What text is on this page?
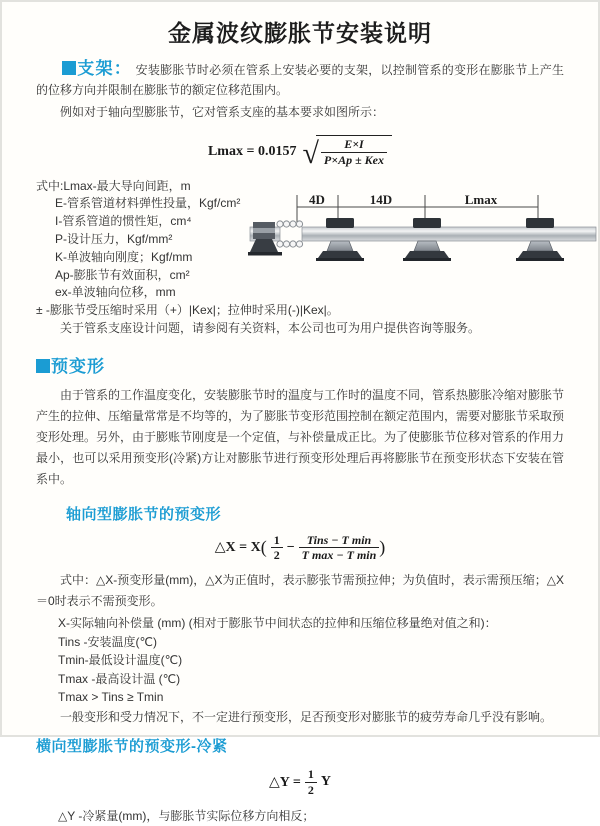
金属波纹膨胀节安装说明

支架： 安装膨胀节时必须在管系上安装必要的支架，以控制管系的变形在膨胀节上产生的位移方向并限制在膨胀节的额定位移范围内。

例如对于轴向型膨胀节，它对管系支座的基本要求如图所示：

Lmax = 0.0157 √ $\frac{E\times I}{\text{P×Ap ± Kex}}$
式中:Lmax-最大导向间距，m
E-管系管道材料弹性投量，Kgf/cm²
I-管系管道的惯性矩，cm⁴
P-设计压力，Kgf/mm²
K-单波轴向刚度；Kgf/mm
Ap-膨胀节有效面积，cm²
ex-单波轴向位移，mm
± -膨胀节受压缩时采用（+）|Kex|；拉伸时采用(-)|Kex|。
关于管系支座设计问题，请参阅有关资料，本公司也可为用户提供咨询等服务。
4D	14D	Lmax
预变形

由于管系的工作温度变化，安装膨胀节时的温度与工作时的温度不同，管系热膨胀冷缩对膨胀节产生的拉伸、压缩量常常是不均等的，为了膨胀节变形范围控制在额定范围内，需要对膨胀节采取预变形处理。另外，由于膨账节刚度是一个定值，与补偿量成正比。为了使膨胀节位移对管系的作用力最小，也可以采用预变形(冷紧)方让对膨胀节进行预变形处理后再将膨胀节在预变形状态下安装在管系中。

轴向型膨胀节的预变形
△X = X ( $\frac{1}{2} - \frac{\text{Tins − T min}}{\text{T max − T min}}$ )

式中：△X-预变形量(mm)，△X为正值时，表示膨张节需预拉伸；为负值时，表示需预压缩；△X＝0时表示不需预变形。

X-实际轴向补偿量 (mm) (相对于膨胀节中间状态的拉伸和压缩位移量绝对值之和)：
Tins -安装温度(℃)
Tmin-最低设计温度(℃)
Tmax -最高设计温 (℃)
Tmax > Tins ≥ Tmin

一般变形和受力情况下，不一定进行预变形，足否预变形对膨胀节的疲劳寿命几乎没有影响。

横向型膨胀节的预变形-冷紧
△Y = $\frac{1}{2}$ Y

△Y -冷紧量(mm)，与膨胀节实际位移方向相反；
